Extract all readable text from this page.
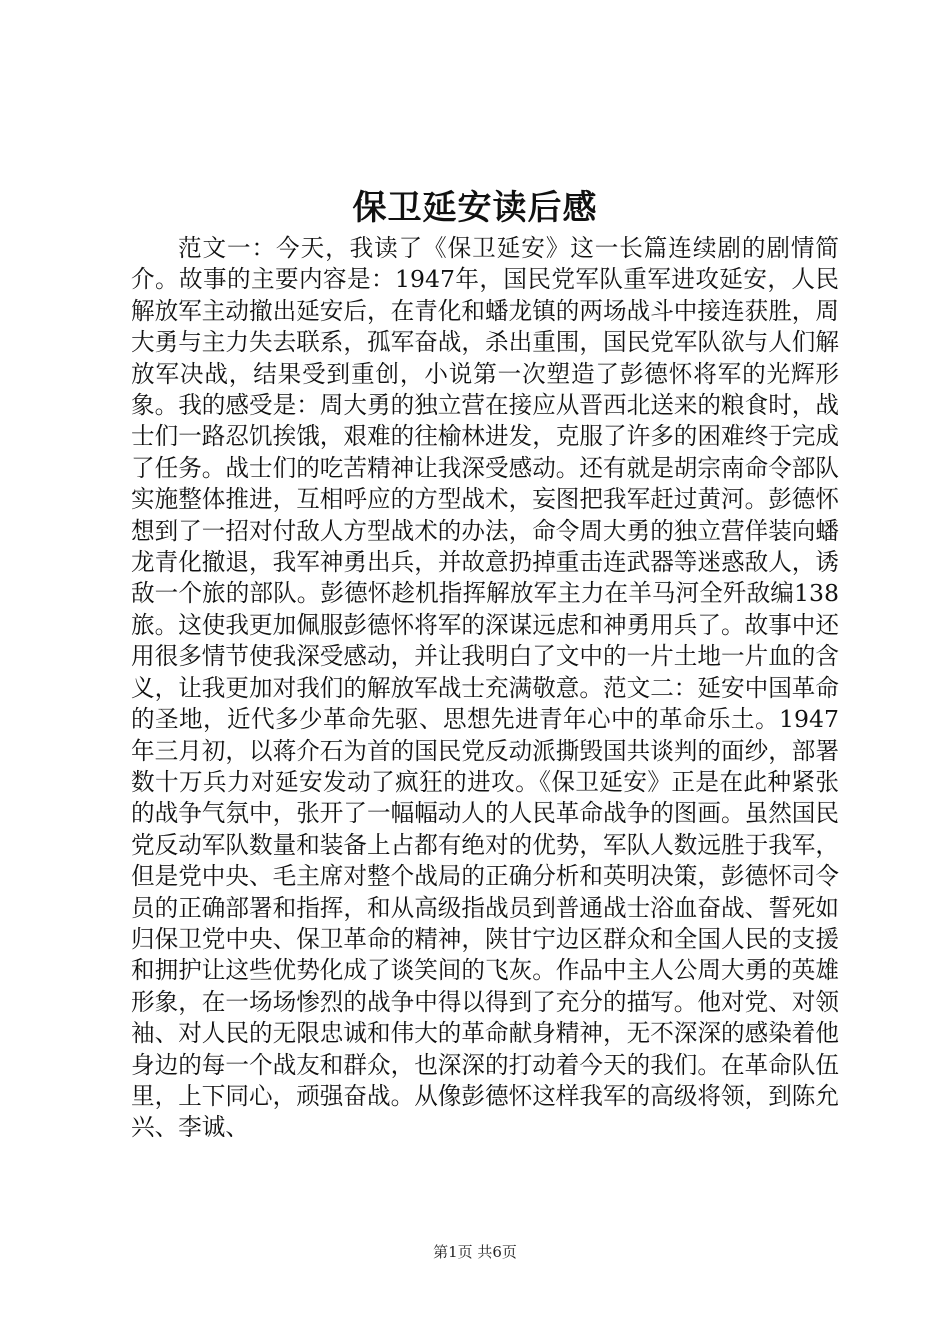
保卫延安读后感

范文一：今天，我读了《保卫延安》这一长篇连续剧的剧情简介。故事的主要内容是：1947年，国民党军队重军进攻延安，人民解放军主动撤出延安后，在青化和蟠龙镇的两场战斗中接连获胜，周大勇与主力失去联系，孤军奋战，杀出重围，国民党军队欲与人们解放军决战，结果受到重创，小说第一次塑造了彭德怀将军的光辉形象。我的感受是：周大勇的独立营在接应从晋西北送来的粮食时，战士们一路忍饥挨饿，艰难的往榆林进发，克服了许多的困难终于完成了任务。战士们的吃苦精神让我深受感动。还有就是胡宗南命令部队实施整体推进，互相呼应的方型战术，妄图把我军赶过黄河。彭德怀想到了一招对付敌人方型战术的办法，命令周大勇的独立营佯装向蟠龙青化撤退，我军神勇出兵，并故意扔掉重击连武器等迷惑敌人，诱敌一个旅的部队。彭德怀趁机指挥解放军主力在羊马河全歼敌编138旅。这使我更加佩服彭德怀将军的深谋远虑和神勇用兵了。故事中还用很多情节使我深受感动，并让我明白了文中的一片土地一片血的含义，让我更加对我们的解放军战士充满敬意。范文二：延安中国革命的圣地，近代多少革命先驱、思想先进青年心中的革命乐土。1947年三月初，以蒋介石为首的国民党反动派撕毁国共谈判的面纱，部署数十万兵力对延安发动了疯狂的进攻。《保卫延安》正是在此种紧张的战争气氛中，张开了一幅幅动人的人民革命战争的图画。虽然国民党反动军队数量和装备上占都有绝对的优势，军队人数远胜于我军，但是党中央、毛主席对整个战局的正确分析和英明决策，彭德怀司令员的正确部署和指挥，和从高级指战员到普通战士浴血奋战、誓死如归保卫党中央、保卫革命的精神，陕甘宁边区群众和全国人民的支援和拥护让这些优势化成了谈笑间的飞灰。作品中主人公周大勇的英雄形象，在一场场惨烈的战争中得以得到了充分的描写。他对党、对领袖、对人民的无限忠诚和伟大的革命献身精神，无不深深的感染着他身边的每一个战友和群众，也深深的打动着今天的我们。在革命队伍里，上下同心，顽强奋战。从像彭德怀这样我军的高级将领，到陈允兴、李诚、

第1页 共6页
